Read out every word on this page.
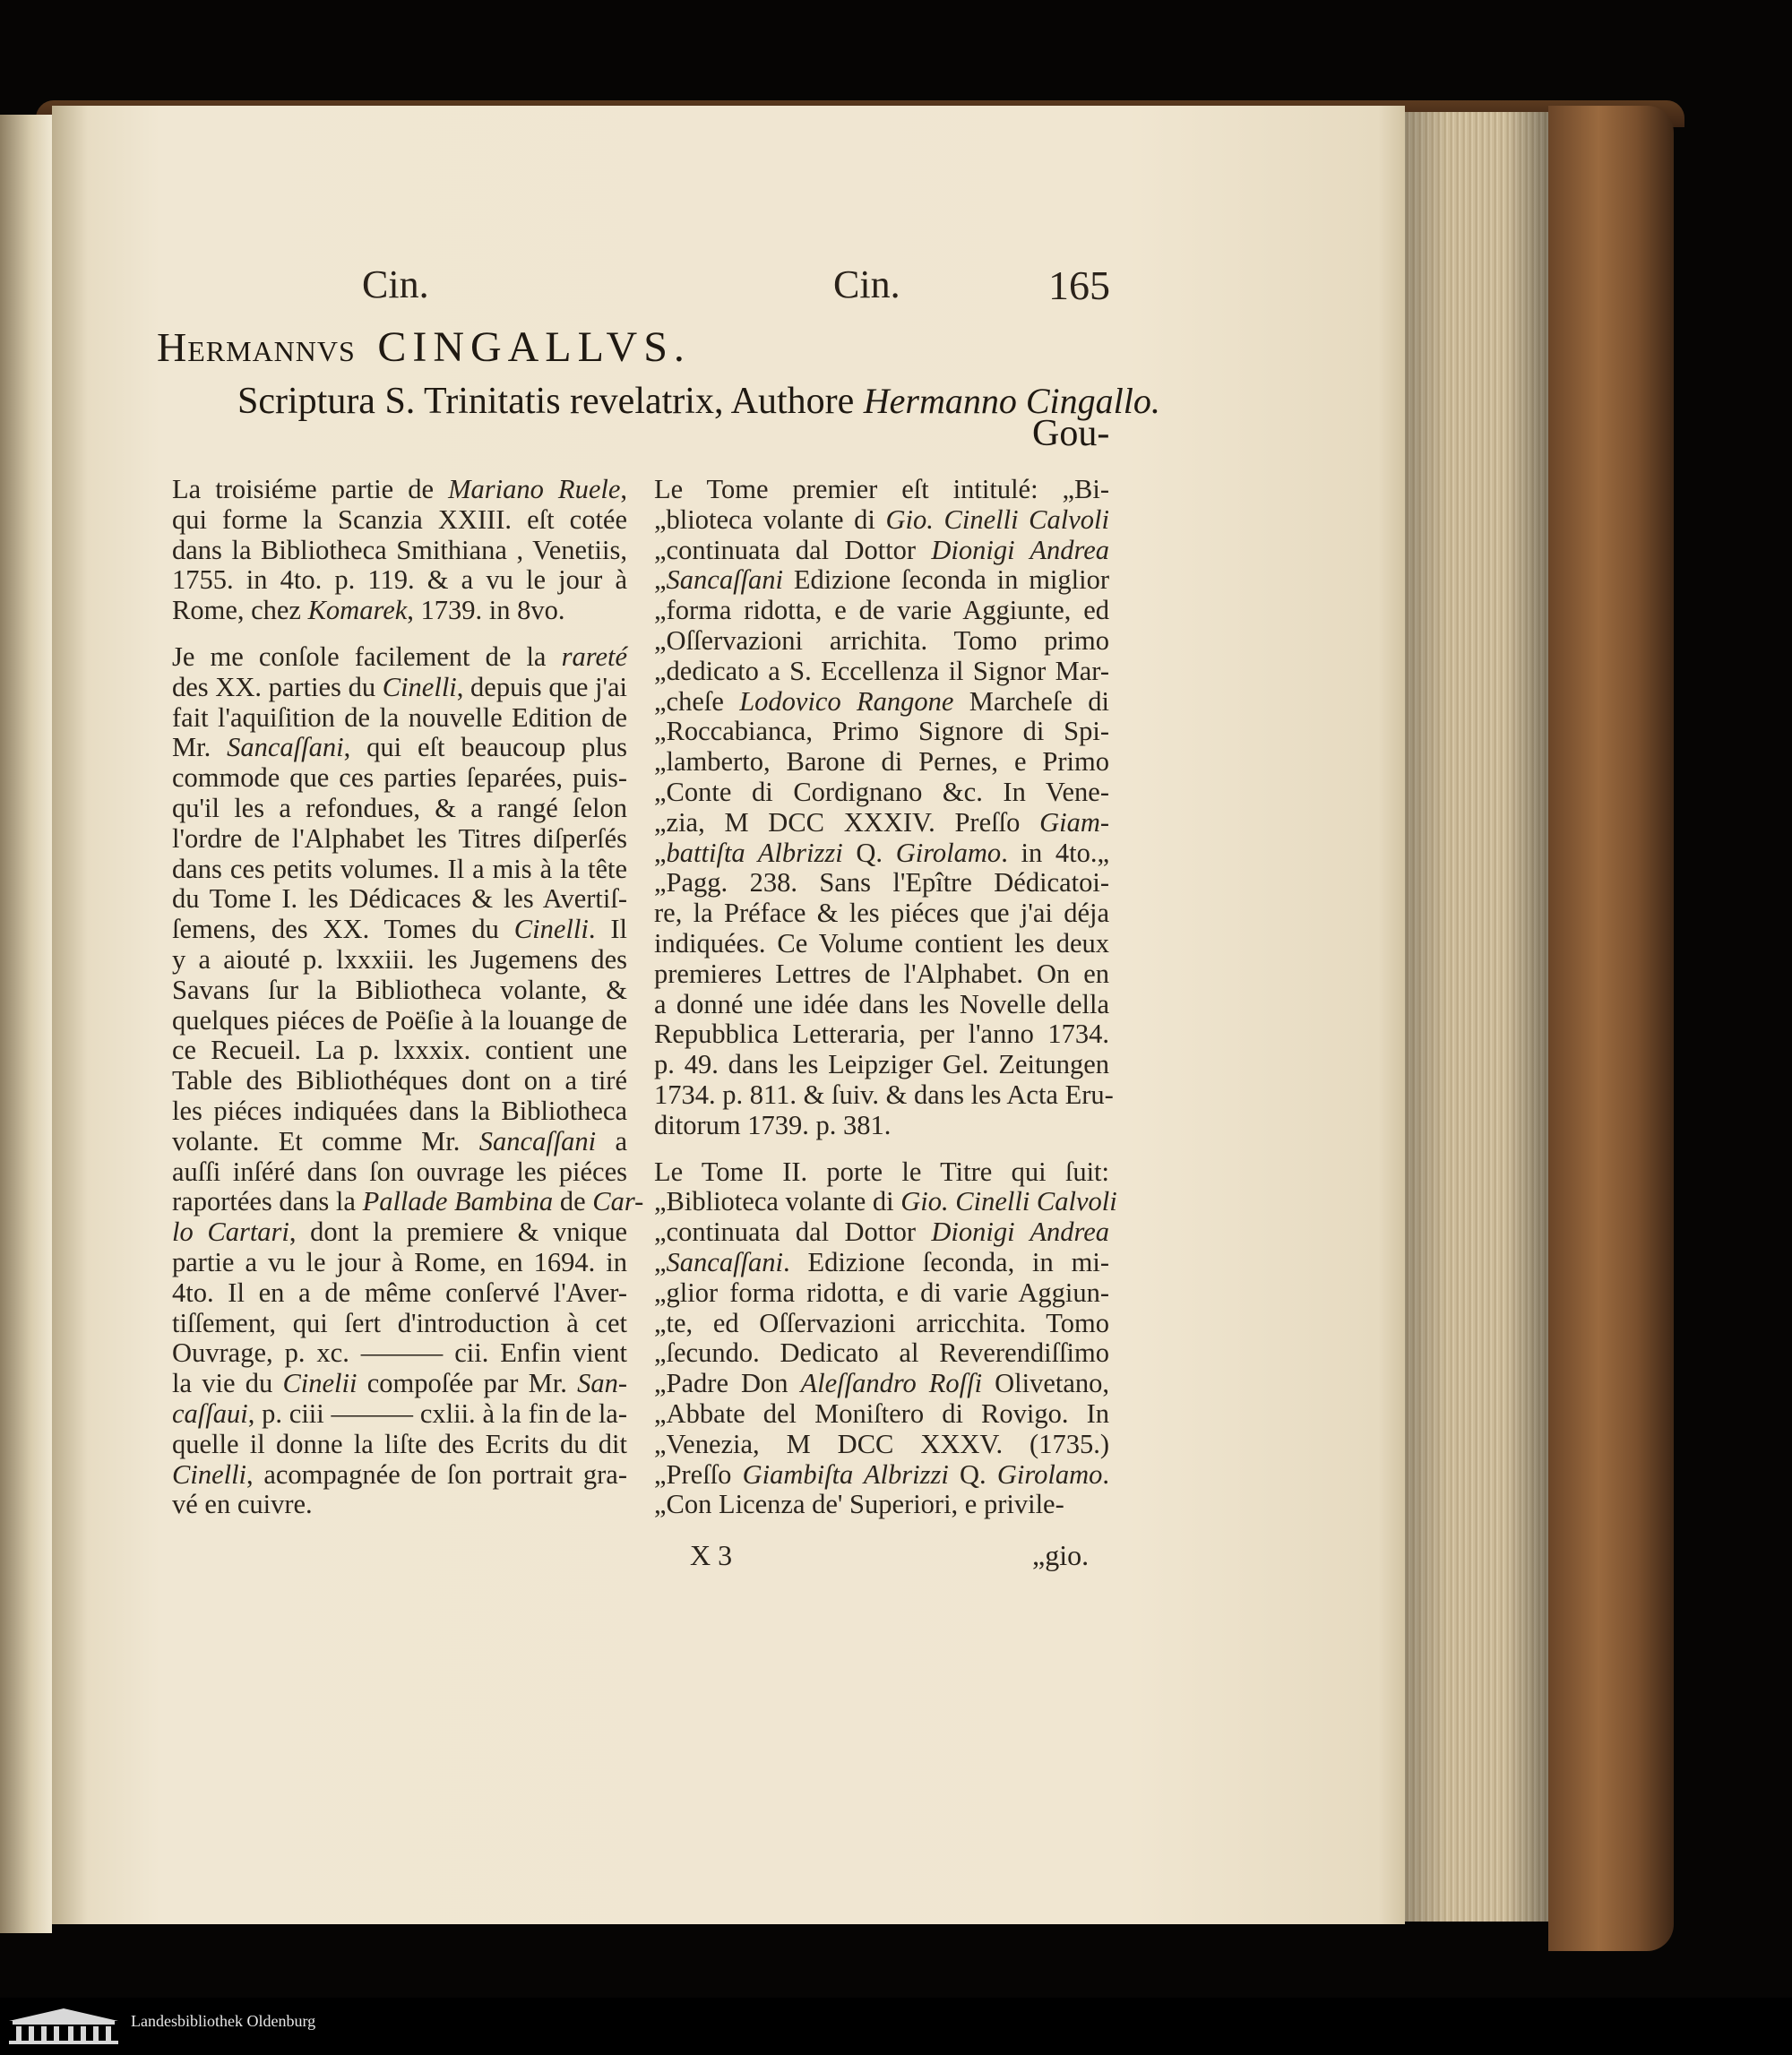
Cin.	Cin.	165
Hermannvs CINGALLVS.
Scriptura S. Trinitatis revelatrix, Authore Hermanno Cingallo.
Gou-
La troisiéme partie de Mariano Ruele,
qui forme la Scanzia XXIII. eſt cotée
dans la Bibliotheca Smithiana , Venetiis,
1755. in 4to. p. 119. & a vu le jour à
Rome, chez Komarek, 1739. in 8vo.
Je me conſole facilement de la rareté
des XX. parties du Cinelli, depuis que j'ai
fait l'aquiſition de la nouvelle Edition de
Mr. Sancaſſani, qui eſt beaucoup plus
commode que ces parties ſeparées, puis-
qu'il les a refondues, & a rangé ſelon
l'ordre de l'Alphabet les Titres diſperſés
dans ces petits volumes. Il a mis à la tête
du Tome I. les Dédicaces & les Avertiſ-
ſemens, des XX. Tomes du Cinelli. Il
y a aiouté p. lxxxiii. les Jugemens des
Savans ſur la Bibliotheca volante, &
quelques piéces de Poëſie à la louange de
ce Recueil. La p. lxxxix. contient une
Table des Bibliothéques dont on a tiré
les piéces indiquées dans la Bibliotheca
volante. Et comme Mr. Sancaſſani a
auſſi inſéré dans ſon ouvrage les piéces
raportées dans la Pallade Bambina de Car-
lo Cartari, dont la premiere & vnique
partie a vu le jour à Rome, en 1694. in
4to. Il en a de même conſervé l'Aver-
tiſſement, qui ſert d'introduction à cet
Ouvrage, p. xc. ——— cii. Enfin vient
la vie du Cinelii compoſée par Mr. San-
caſſaui, p. ciii ——— cxlii. à la fin de la-
quelle il donne la liſte des Ecrits du dit
Cinelli, acompagnée de ſon portrait gra-
vé en cuivre.
Le Tome premier eſt intitulé: „Bi-
„blioteca volante di Gio. Cinelli Calvoli
„continuata dal Dottor Dionigi Andrea
„Sancaſſani Edizione ſeconda in miglior
„forma ridotta, e de varie Aggiunte, ed
„Oſſervazioni arrichita. Tomo primo
„dedicato a S. Eccellenza il Signor Mar-
„cheſe Lodovico Rangone Marcheſe di
„Roccabianca, Primo Signore di Spi-
„lamberto, Barone di Pernes, e Primo
„Conte di Cordignano &c. In Vene-
„zia, M DCC XXXIV. Preſſo Giam-
„battiſta Albrizzi Q. Girolamo. in 4to.„
„Pagg. 238. Sans l'Epître Dédicatoi-
re, la Préface & les piéces que j'ai déja
indiquées. Ce Volume contient les deux
premieres Lettres de l'Alphabet. On en
a donné une idée dans les Novelle della
Repubblica Letteraria, per l'anno 1734.
p. 49. dans les Leipziger Gel. Zeitungen
1734. p. 811. & ſuiv. & dans les Acta Eru-
ditorum 1739. p. 381.
Le Tome II. porte le Titre qui ſuit:
„Biblioteca volante di Gio. Cinelli Calvoli
„continuata dal Dottor Dionigi Andrea
„Sancaſſani. Edizione ſeconda, in mi-
„glior forma ridotta, e di varie Aggiun-
„te, ed Oſſervazioni arricchita. Tomo
„ſecundo. Dedicato al Reverendiſſimo
„Padre Don Aleſſandro Roſſi Olivetano,
„Abbate del Moniſtero di Rovigo. In
„Venezia, M DCC XXXV. (1735.)
„Preſſo Giambiſta Albrizzi Q. Girolamo.
„Con Licenza de' Superiori, e privile-
X 3	„gio.
Landesbibliothek Oldenburg
